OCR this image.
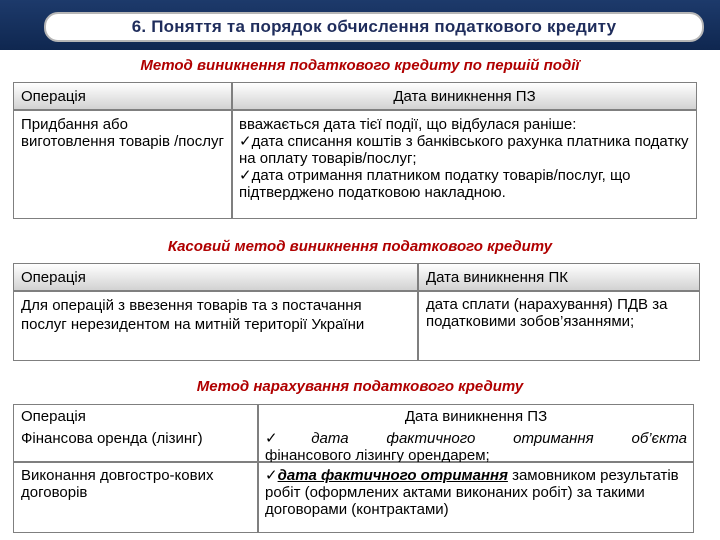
6. Поняття та порядок обчислення податкового кредиту
Метод виникнення податкового кредиту по першій події
Операція	Дата виникнення ПЗ
Придбання або виготовлення товарів /послуг
вважається дата тієї події, що відбулася раніше:
✓дата списання коштів з банківського рахунка платника податку на оплату товарів/послуг;
✓дата отримання платником податку товарів/послуг, що підтверджено податковою накладною.
Касовий метод виникнення податкового кредиту
Операція	Дата виникнення ПК
Для операцій з ввезення товарів та з постачання послуг нерезидентом на митній території України
дата сплати (нарахування) ПДВ за податковими зобов’язаннями;
Метод нарахування податкового кредиту
Операція
Фінансова оренда (лізинг)
Дата виникнення ПЗ
✓дата фактичного отримання об’єкта
фінансового лізингу орендарем;
Виконання довгостро-кових договорів
✓дата фактичного отримання замовником результатів робіт (оформлених актами виконаних робіт) за такими договорами (контрактами)
